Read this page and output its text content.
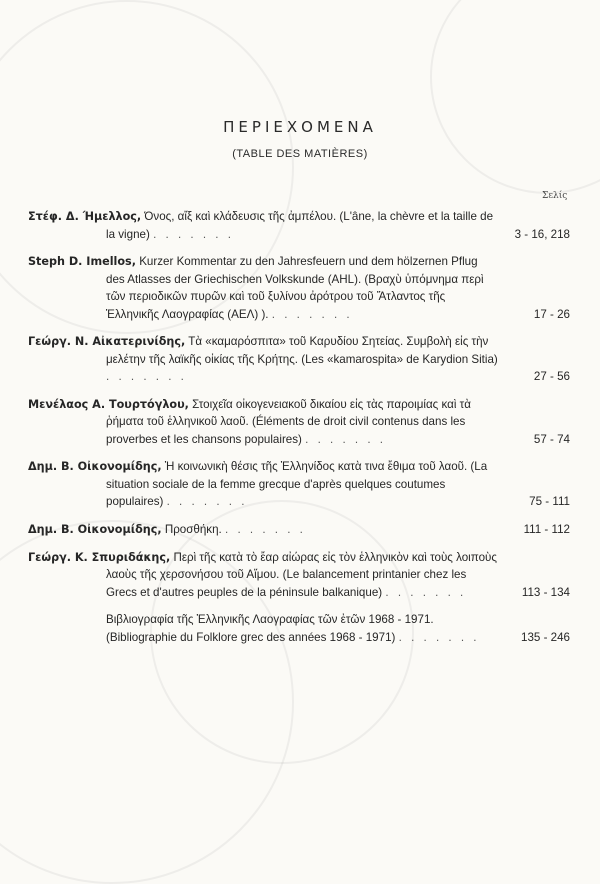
ΠΕΡΙΕΧΟΜΕΝΑ
(TABLE DES MATIÈRES)
Σελίς
Στέφ. Δ. Ήμελλος, Όνος, αἴξ καὶ κλάδευσις τῆς ἀμπέλου. (L'âne, la chèvre et la taille de la vigne) . . . . . . .	3 - 16, 218
Steph D. Imellos, Kurzer Kommentar zu den Jahresfeuern und dem hölzernen Pflug des Atlasses der Griechischen Volkskunde (AHL). (Βραχὺ ὑπόμνημα περὶ τῶν περιοδικῶν πυρῶν καὶ τοῦ ξυλίνου ἀρότρου τοῦ Ἄτλαντος τῆς Ἑλληνικῆς Λαογραφίας (ΑΕΛ) ). . . . . . . .	17 - 26
Γεώργ. Ν. Αἰκατερινίδης, Τὰ «καμαρόσπιτα» τοῦ Καρυδίου Σητείας. Συμβολὴ εἰς τὴν μελέτην τῆς λαϊκῆς οἰκίας τῆς Κρήτης. (Les «kamarospita» de Karydion Sitia) . . . . . . .	27 - 56
Μενέλαος Α. Τουρτόγλου, Στοιχεῖα οἰκογενειακοῦ δικαίου εἰς τὰς παροιμίας καὶ τὰ ῥήματα τοῦ ἑλληνικοῦ λαοῦ. (Éléments de droit civil contenus dans les proverbes et les chansons populaires) . . . . . . .	57 - 74
Δημ. Β. Οἰκονομίδης, Ἡ κοινωνικὴ θέσις τῆς Ἑλληνίδος κατὰ τινα ἔθιμα τοῦ λαοῦ. (La situation sociale de la femme grecque d'après quelques coutumes populaires) . . . . . . .	75 - 111
Δημ. Β. Οἰκονομίδης, Προσθήκη. . . . . . . .	111 - 112
Γεώργ. Κ. Σπυριδάκης, Περὶ τῆς κατὰ τὸ ἔαρ αἰώρας εἰς τὸν ἑλληνικὸν καὶ τοὺς λοιποὺς λαοὺς τῆς χερσονήσου τοῦ Αἵμου. (Le balancement printanier chez les Grecs et d'autres peuples de la péninsule balkanique) . . . . . . .	113 - 134
Βιβλιογραφία τῆς Ἑλληνικῆς Λαογραφίας τῶν ἐτῶν 1968 - 1971. (Bibliographie du Folklore grec des années 1968 - 1971) . . . . . . .	135 - 246
